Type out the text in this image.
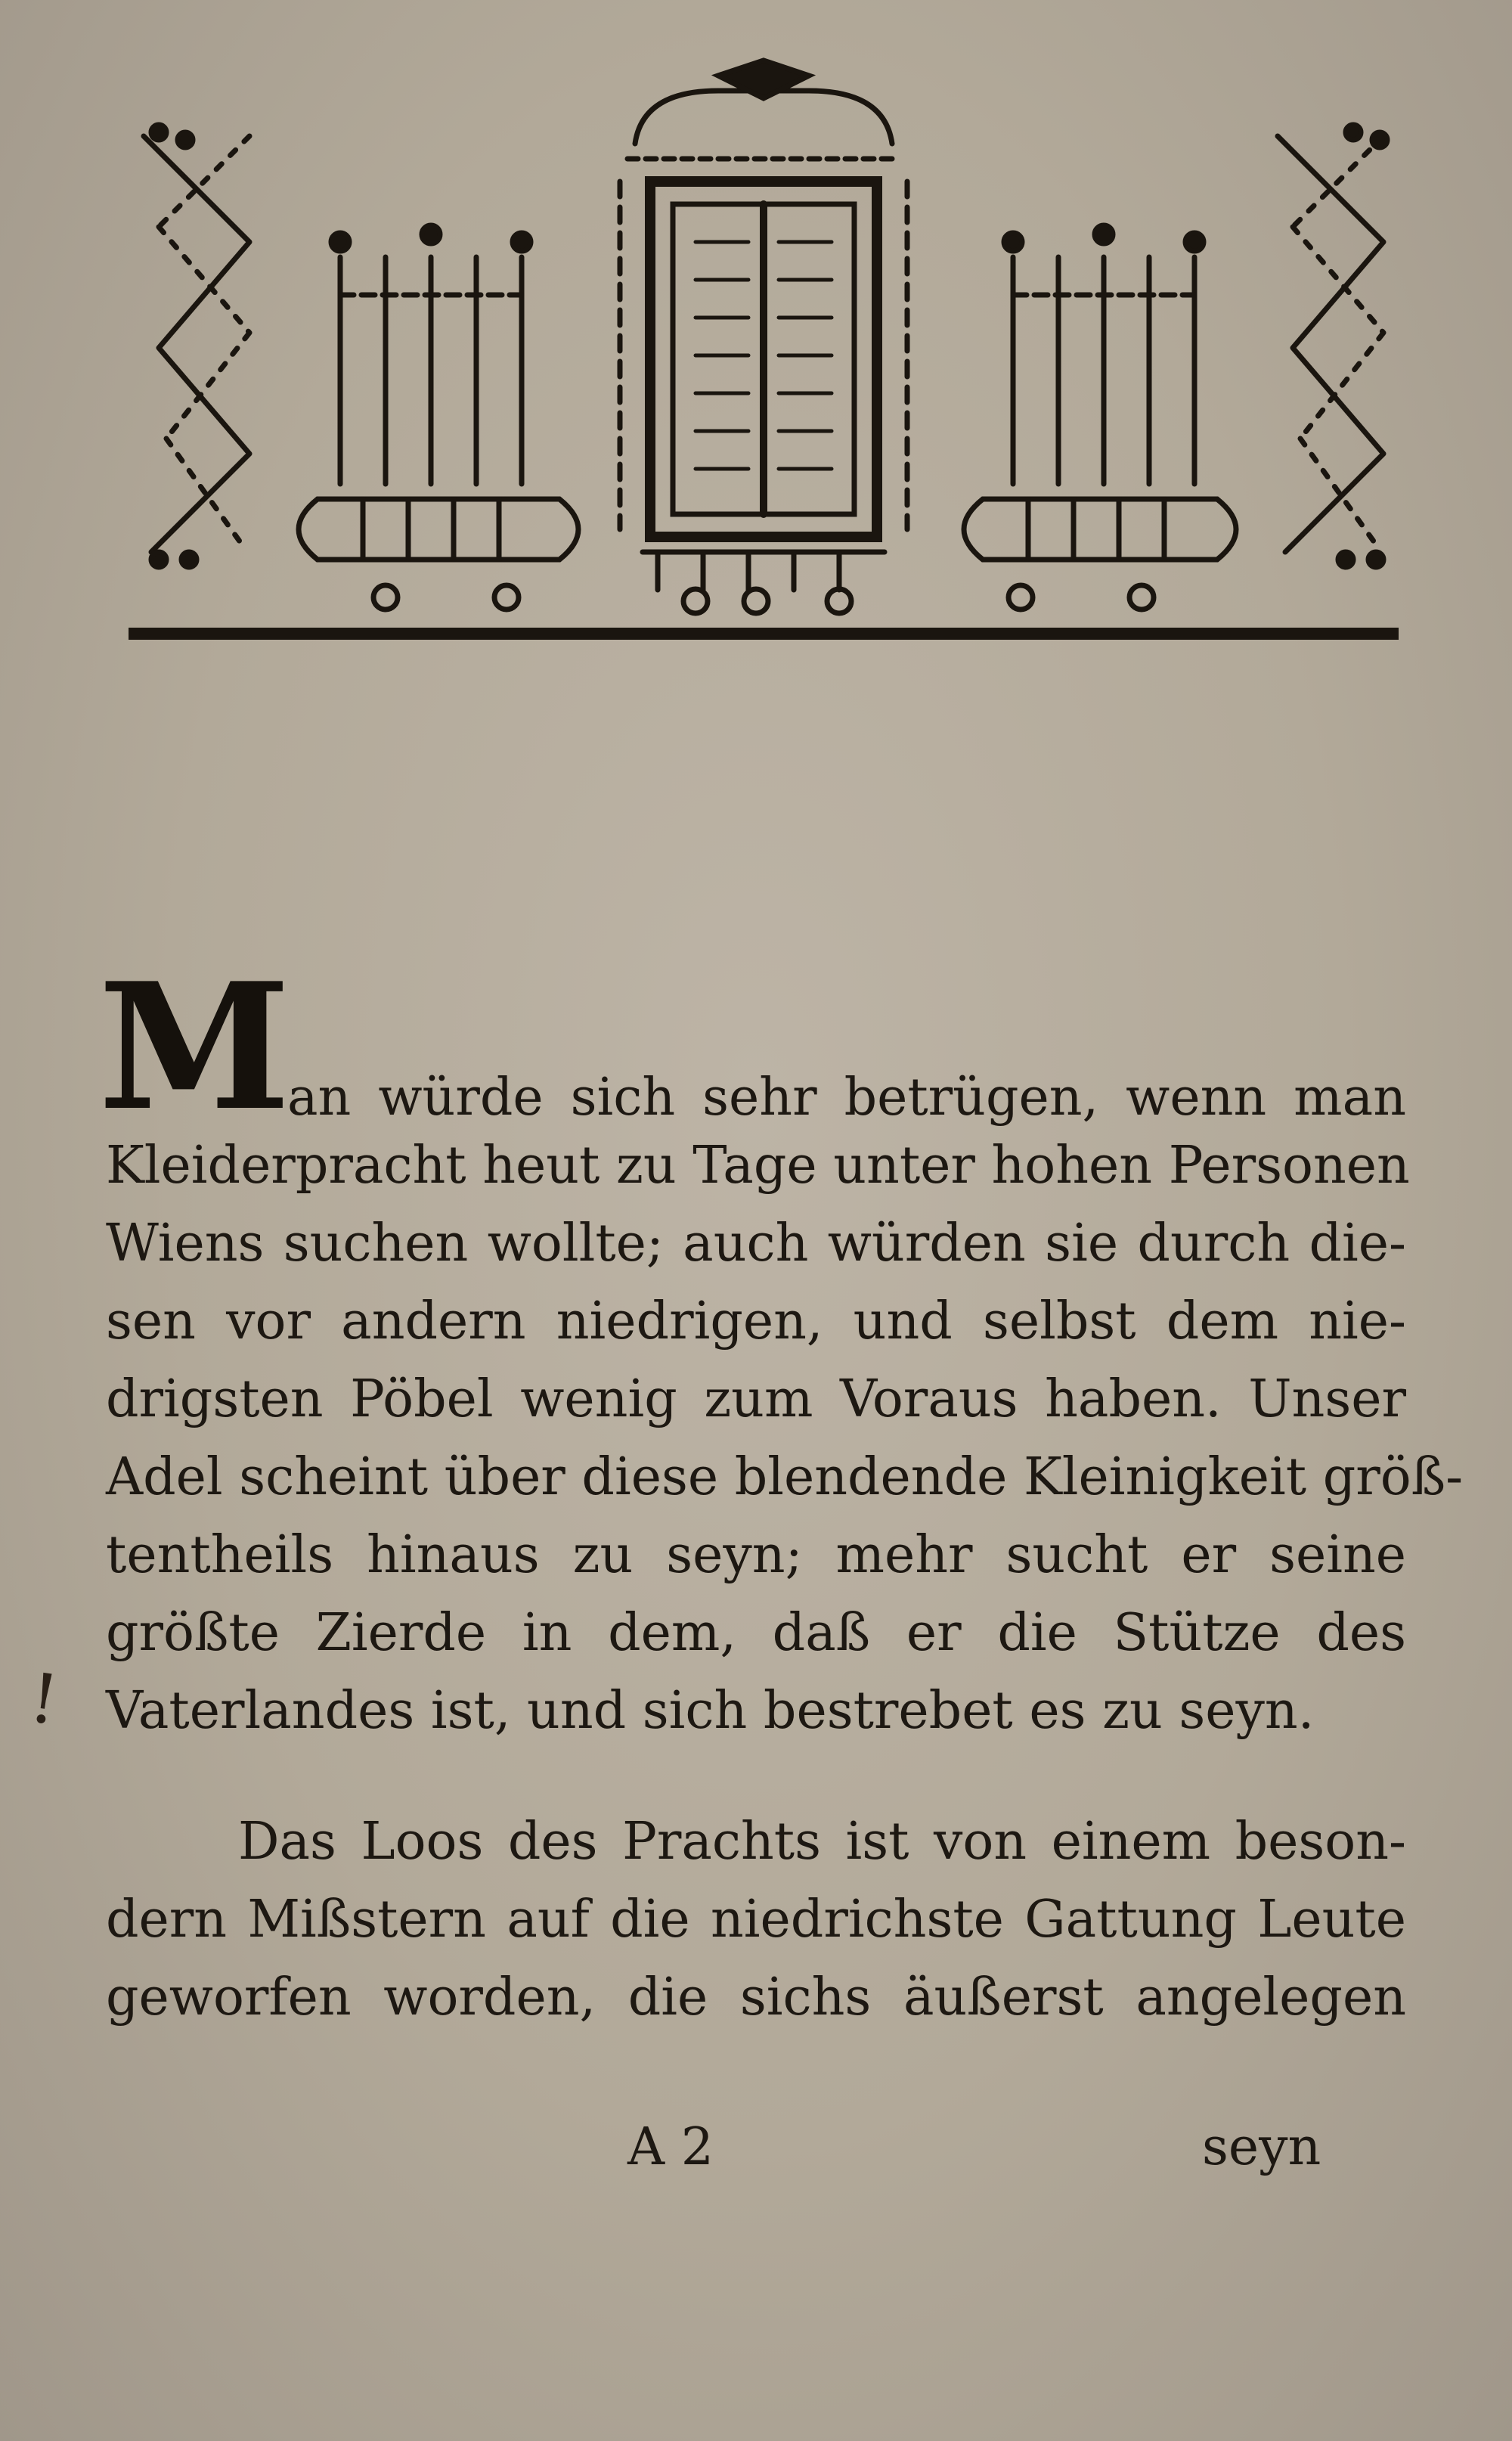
!
M
an würde sich sehr betrügen, wenn man
Kleiderpracht heut zu Tage unter hohen Personen
Wiens suchen wollte; auch würden sie durch die-
sen vor andern niedrigen, und selbst dem nie-
drigsten Pöbel wenig zum Voraus haben. Unser
Adel scheint über diese blendende Kleinigkeit größ-
tentheils hinaus zu seyn; mehr sucht er seine
größte Zierde in dem, daß er die Stütze des
Vaterlandes ist, und sich bestrebet es zu seyn.
Das Loos des Prachts ist von einem beson-
dern Mißstern auf die niedrichste Gattung Leute
geworfen worden, die sichs äußerst angelegen
A 2	seyn
